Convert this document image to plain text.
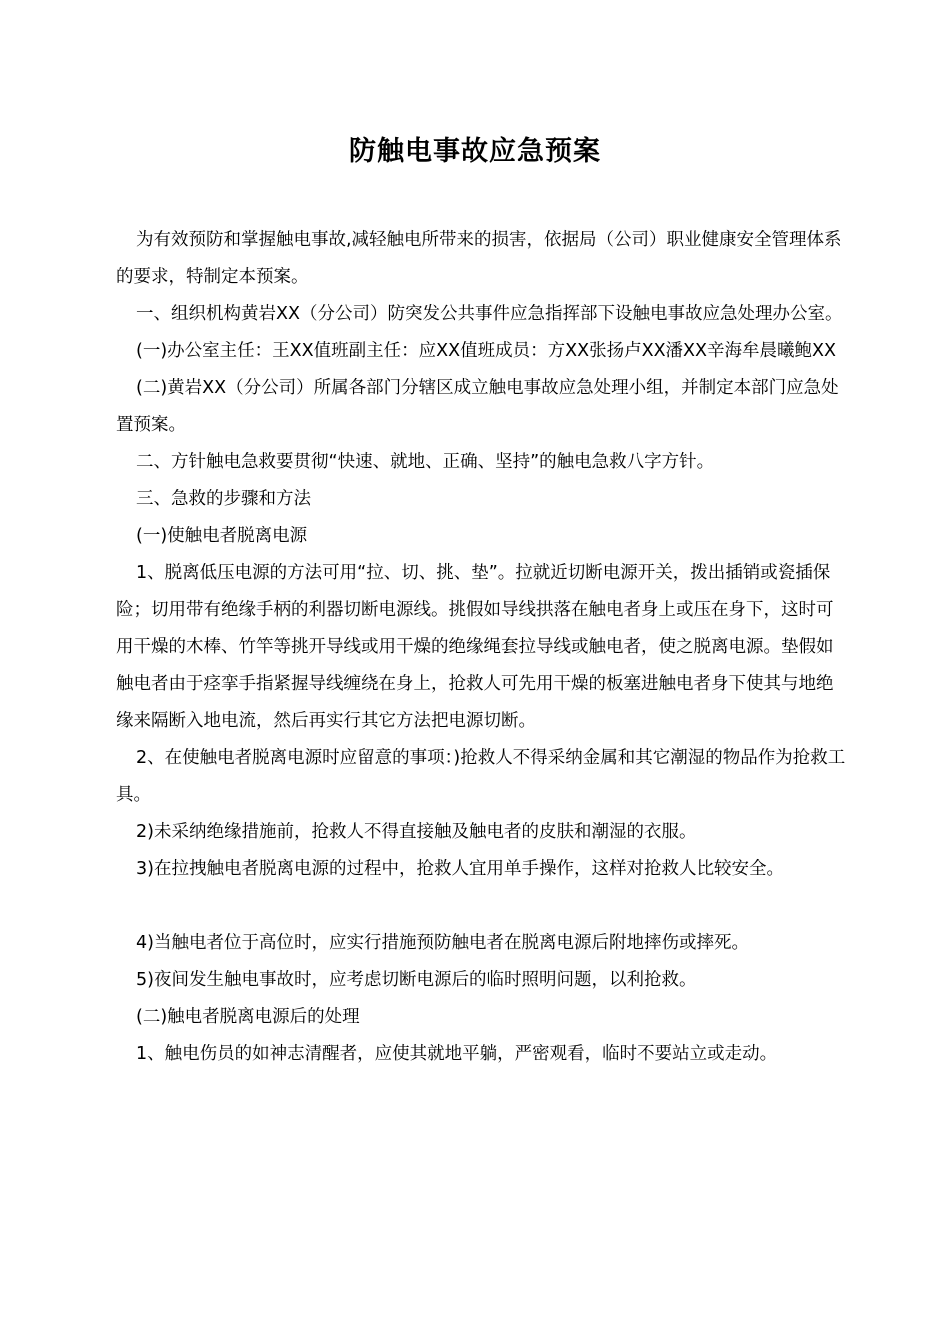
防触电事故应急预案

为有效预防和掌握触电事故,减轻触电所带来的损害，依据局（公司）职业健康安全管理体系的要求，特制定本预案。

一、组织机构黄岩XX（分公司）防突发公共事件应急指挥部下设触电事故应急处理办公室。

(一)办公室主任：王XX值班副主任：应XX值班成员：方XX张扬卢XX潘XX辛海牟晨曦鲍XX

(二)黄岩XX（分公司）所属各部门分辖区成立触电事故应急处理小组，并制定本部门应急处置预案。

二、方针触电急救要贯彻“快速、就地、正确、坚持”的触电急救八字方针。

三、急救的步骤和方法

(一)使触电者脱离电源

1、脱离低压电源的方法可用“拉、切、挑、垫”。拉就近切断电源开关，拨出插销或瓷插保险；切用带有绝缘手柄的利器切断电源线。挑假如导线拱落在触电者身上或压在身下，这时可用干燥的木棒、竹竿等挑开导线或用干燥的绝缘绳套拉导线或触电者，使之脱离电源。垫假如触电者由于痉挛手指紧握导线缠绕在身上，抢救人可先用干燥的板塞进触电者身下使其与地绝缘来隔断入地电流，然后再实行其它方法把电源切断。

2、在使触电者脱离电源时应留意的事项：)抢救人不得采纳金属和其它潮湿的物品作为抢救工具。

2)未采纳绝缘措施前，抢救人不得直接触及触电者的皮肤和潮湿的衣服。

3)在拉拽触电者脱离电源的过程中，抢救人宜用单手操作，这样对抢救人比较安全。

4)当触电者位于高位时，应实行措施预防触电者在脱离电源后附地摔伤或摔死。

5)夜间发生触电事故时，应考虑切断电源后的临时照明问题，以利抢救。

(二)触电者脱离电源后的处理

1、触电伤员的如神志清醒者，应使其就地平躺，严密观看，临时不要站立或走动。
